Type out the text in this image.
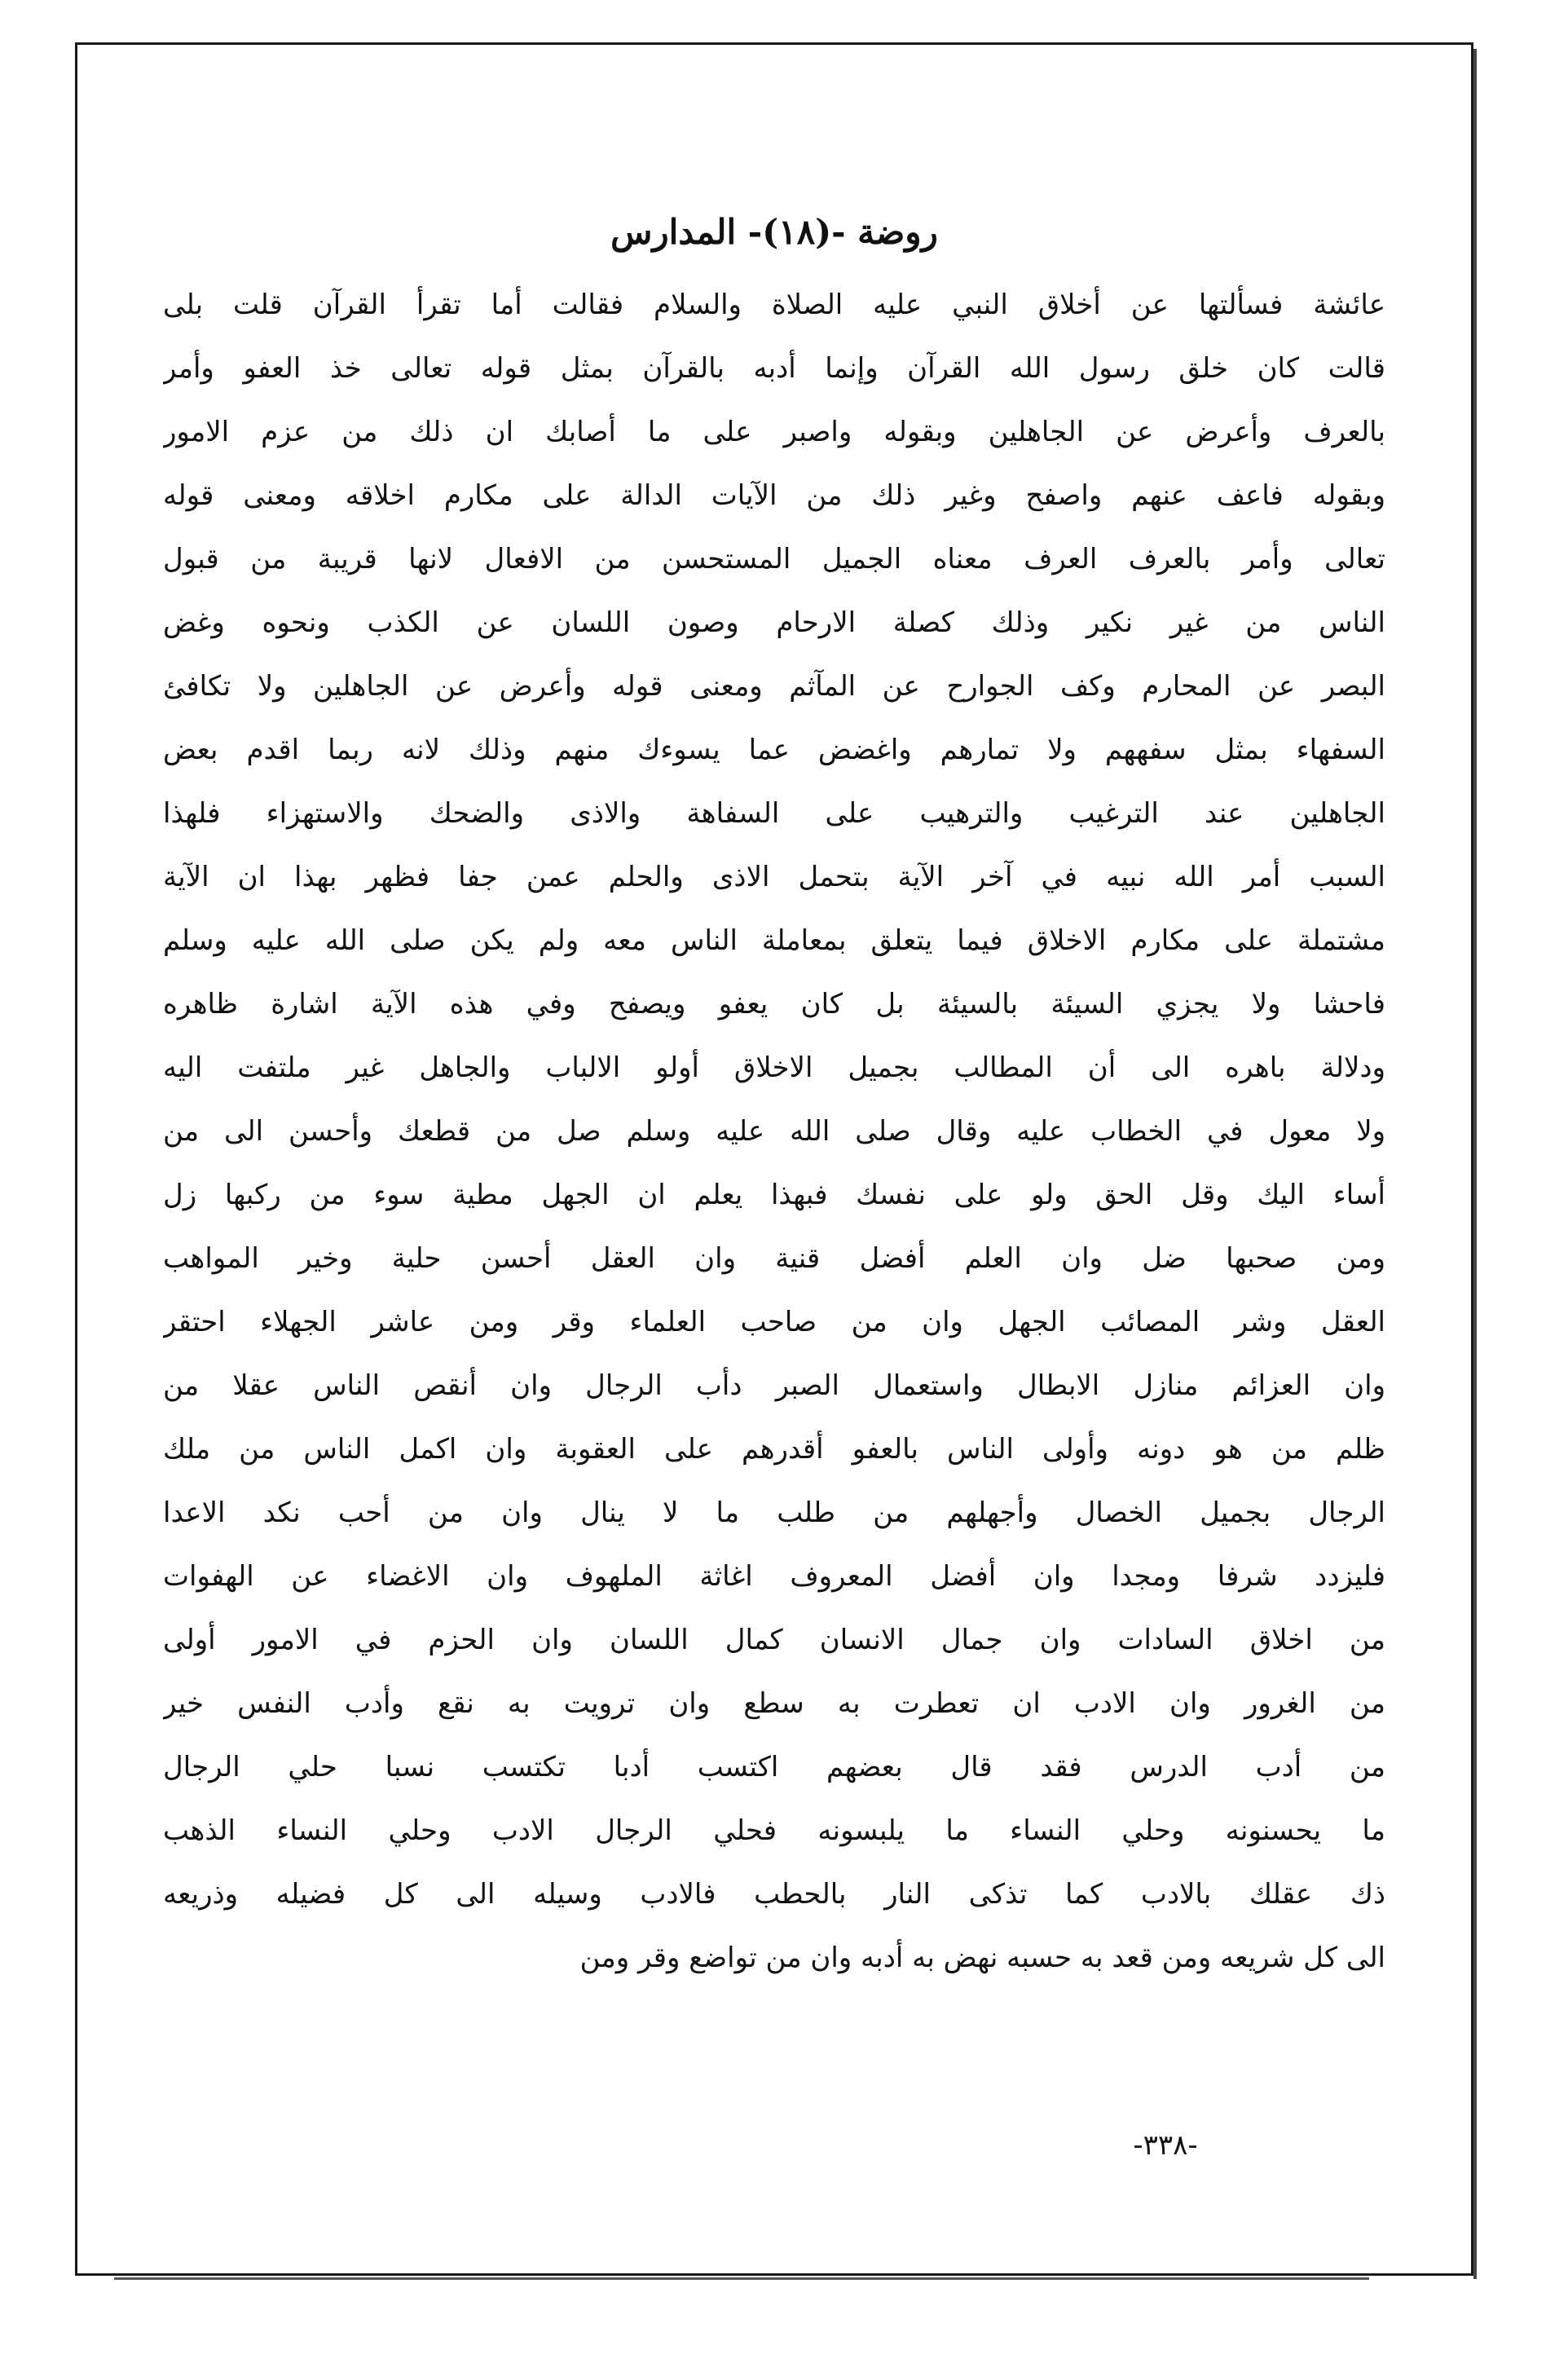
روضة -(١٨)- المدارس
عائشة فسألتها عن أخلاق النبي عليه الصلاة والسلام فقالت أما تقرأ القرآن قلت بلى
قالت كان خلق رسول الله القرآن وإنما أدبه بالقرآن بمثل قوله تعالى خذ العفو وأمر
بالعرف وأعرض عن الجاهلين وبقوله واصبر على ما أصابك ان ذلك من عزم الامور
وبقوله فاعف عنهم واصفح وغير ذلك من الآيات الدالة على مكارم اخلاقه ومعنى قوله
تعالى وأمر بالعرف العرف معناه الجميل المستحسن من الافعال لانها قريبة من قبول
الناس من غير نكير وذلك كصلة الارحام وصون اللسان عن الكذب ونحوه وغض
البصر عن المحارم وكف الجوارح عن المآثم ومعنى قوله وأعرض عن الجاهلين ولا تكافئ
السفهاء بمثل سفههم ولا تمارهم واغضض عما يسوءك منهم وذلك لانه ربما اقدم بعض
الجاهلين عند الترغيب والترهيب على السفاهة والاذى والضحك والاستهزاء فلهذا
السبب أمر الله نبيه في آخر الآية بتحمل الاذى والحلم عمن جفا فظهر بهذا ان الآية
مشتملة على مكارم الاخلاق فيما يتعلق بمعاملة الناس معه ولم يكن صلى الله عليه وسلم
فاحشا ولا يجزي السيئة بالسيئة بل كان يعفو ويصفح وفي هذه الآية اشارة ظاهره
ودلالة باهره الى أن المطالب بجميل الاخلاق أولو الالباب والجاهل غير ملتفت اليه
ولا معول في الخطاب عليه وقال صلى الله عليه وسلم صل من قطعك وأحسن الى من
أساء اليك وقل الحق ولو على نفسك فبهذا يعلم ان الجهل مطية سوء من ركبها زل
ومن صحبها ضل وان العلم أفضل قنية وان العقل أحسن حلية وخير المواهب
العقل وشر المصائب الجهل وان من صاحب العلماء وقر ومن عاشر الجهلاء احتقر
وان العزائم منازل الابطال واستعمال الصبر دأب الرجال وان أنقص الناس عقلا من
ظلم من هو دونه وأولى الناس بالعفو أقدرهم على العقوبة وان اكمل الناس من ملك
الرجال بجميل الخصال وأجهلهم من طلب ما لا ينال وان من أحب نكد الاعدا
فليزدد شرفا ومجدا وان أفضل المعروف اغاثة الملهوف وان الاغضاء عن الهفوات
من اخلاق السادات وان جمال الانسان كمال اللسان وان الحزم في الامور أولى
من الغرور وان الادب ان تعطرت به سطع وان ترويت به نقع وأدب النفس خير
من أدب الدرس فقد قال بعضهم اكتسب أدبا تكتسب نسبا حلي الرجال
ما يحسنونه وحلي النساء ما يلبسونه فحلي الرجال الادب وحلي النساء الذهب
ذك عقلك بالادب كما تذكى النار بالحطب فالادب وسيله الى كل فضيله وذريعه
الى كل شريعه ومن قعد به حسبه نهض به أدبه وان من تواضع وقر ومن
-٣٣٨-
